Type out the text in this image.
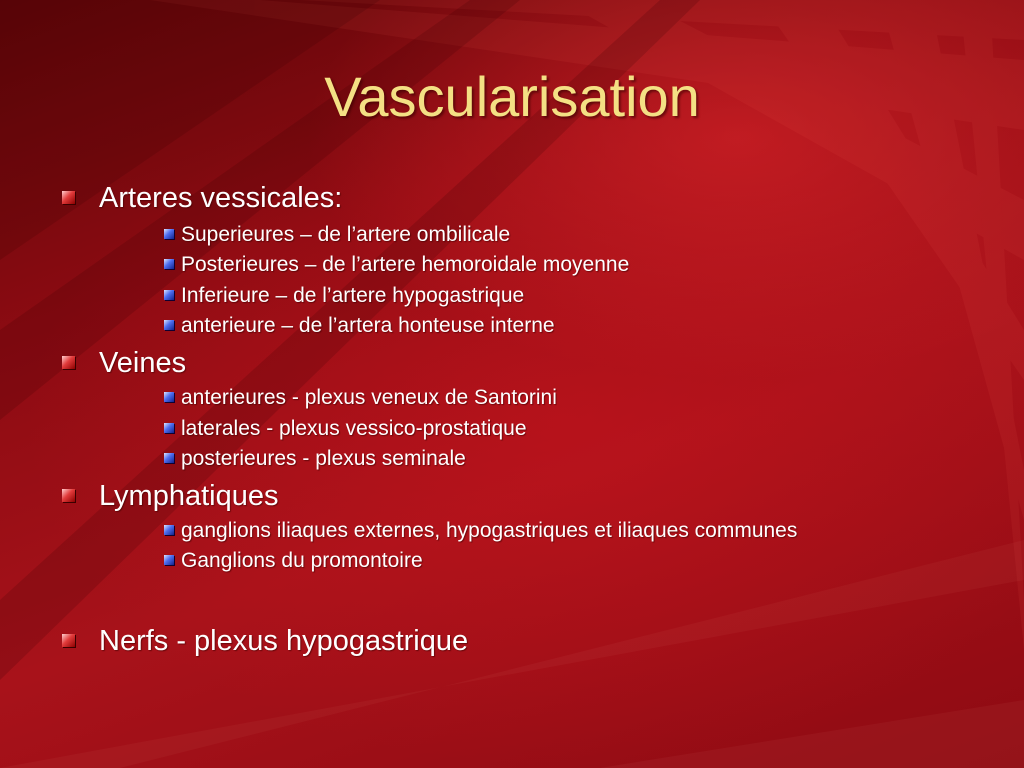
Vascularisation
Arteres vessicales:
Superieures – de l’artere ombilicale
Posterieures – de l’artere hemoroidale moyenne
Inferieure – de l’artere hypogastrique
anterieure – de l’artera honteuse interne
Veines
anterieures - plexus veneux de Santorini
laterales - plexus vessico-prostatique
posterieures - plexus seminale
Lymphatiques
ganglions iliaques externes, hypogastriques et iliaques communes
Ganglions du promontoire
Nerfs - plexus hypogastrique
